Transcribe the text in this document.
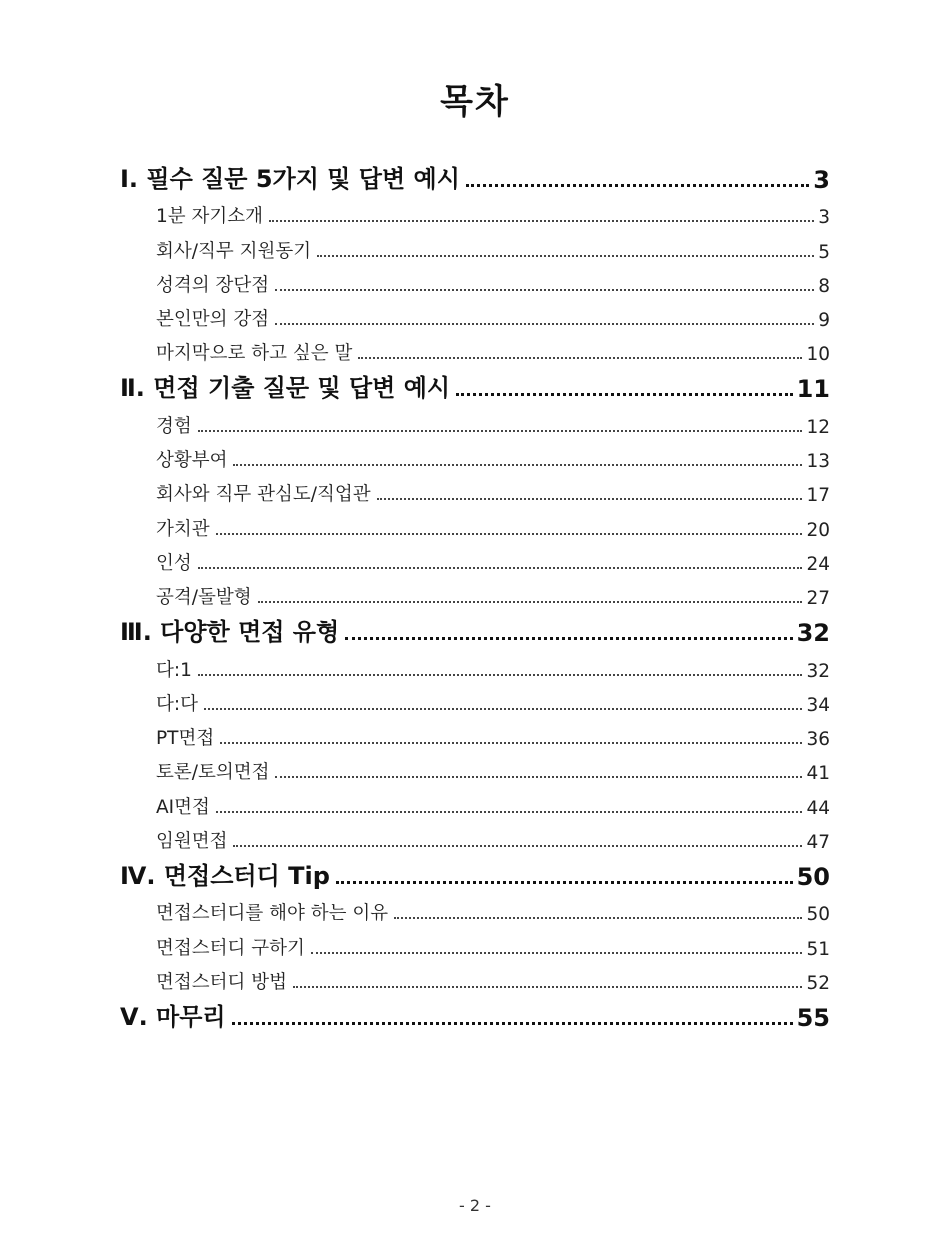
목차
Ⅰ. 필수 질문 5가지 및 답변 예시	3
1분 자기소개	3
회사/직무 지원동기	5
성격의 장단점	8
본인만의 강점	9
마지막으로 하고 싶은 말	10
Ⅱ. 면접 기출 질문 및 답변 예시	11
경험	12
상황부여	13
회사와 직무 관심도/직업관	17
가치관	20
인성	24
공격/돌발형	27
Ⅲ. 다양한 면접 유형	32
다:1	32
다:다	34
PT면접	36
토론/토의면접	41
AI면접	44
임원면접	47
Ⅳ. 면접스터디 Tip	50
면접스터디를 해야 하는 이유	50
면접스터디 구하기	51
면접스터디 방법	52
Ⅴ. 마무리	55
- 2 -
